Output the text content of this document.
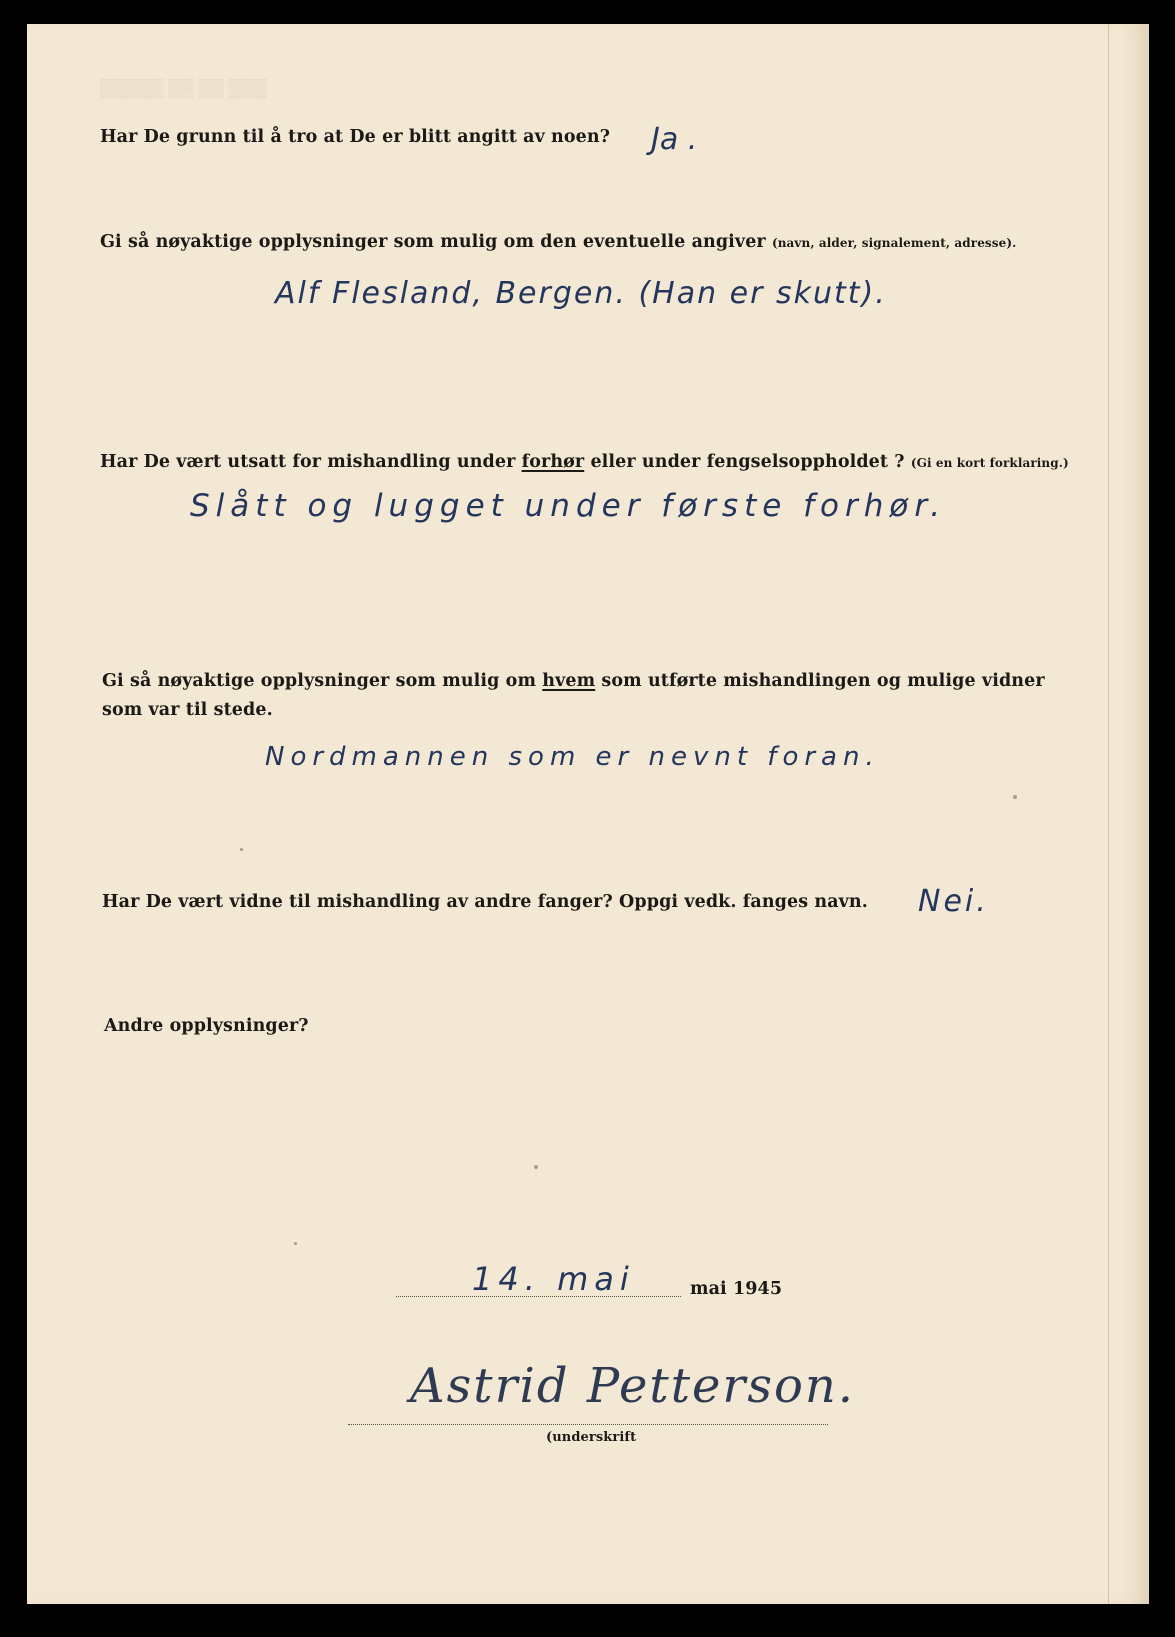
▒▒▒▒▒ ▒▒ ▒▒ ▒▒▒
Har De grunn til å tro at De er blitt angitt av noen? Ja .
Gi så nøyaktige opplysninger som mulig om den eventuelle angiver (navn, alder, signalement, adresse).
Alf Flesland, Bergen. (Han er skutt).
Har De vært utsatt for mishandling under forhør eller under fengselsoppholdet ? (Gi en kort forklaring.)
Slått og lugget under første forhør.
Gi så nøyaktige opplysninger som mulig om hvem som utførte mishandlingen og mulige vidner
som var til stede.
Nordmannen som er nevnt foran.
Har De vært vidne til mishandling av andre fanger? Oppgi vedk. fanges navn. Nei.
Andre opplysninger?
14. mai	mai 1945
Astrid Petterson.
(underskrift
